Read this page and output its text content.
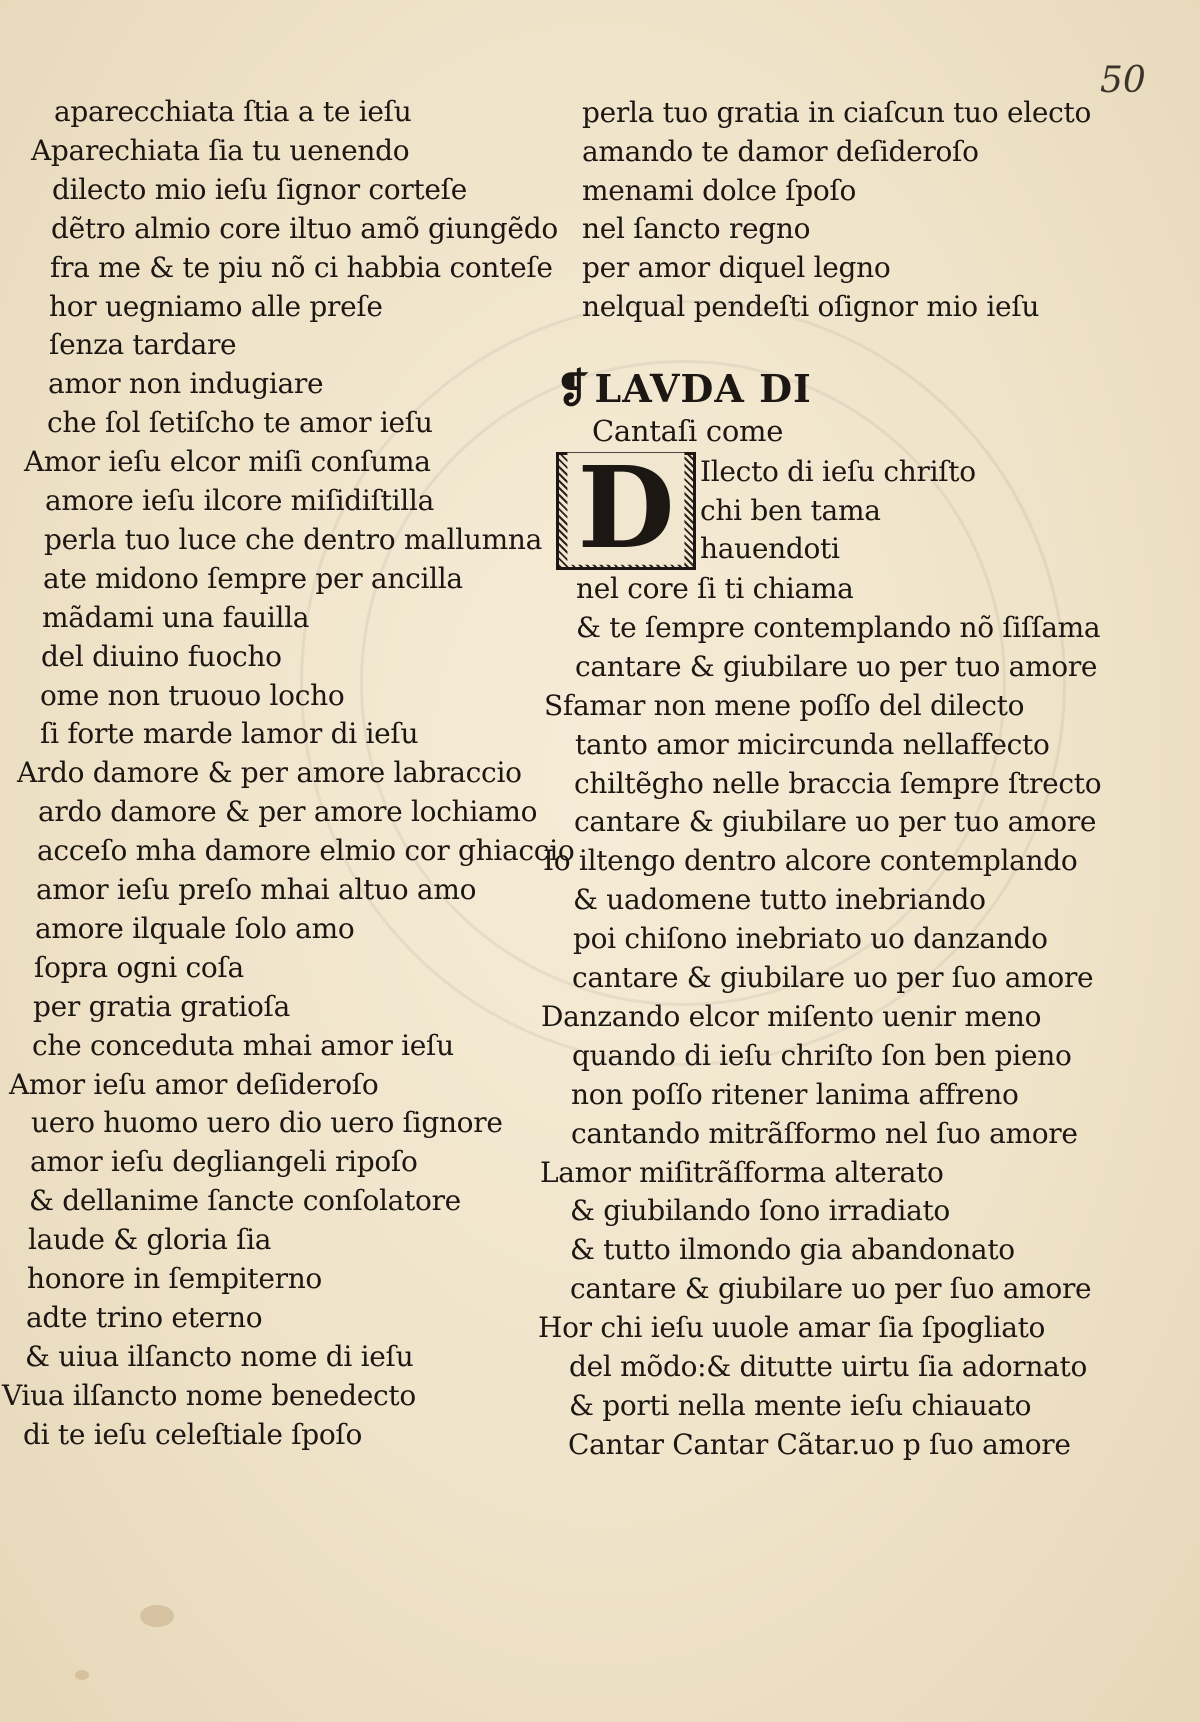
50
aparecchiata ſtia a te ieſu
Aparechiata ſia tu uenendo
dilecto mio ieſu ſignor corteſe
dẽtro almio core iltuo amõ giungẽdo
fra me & te piu nõ ci habbia conteſe
hor uegniamo alle preſe
ſenza tardare
amor non indugiare
che ſol ſetiſcho te amor ieſu
Amor ieſu elcor miſi conſuma
amore ieſu ilcore miſidiſtilla
perla tuo luce che dentro mallumna
ate midono ſempre per ancilla
mãdami una fauilla
del diuino fuocho
ome non truouo locho
ſi forte marde lamor di ieſu
Ardo damore & per amore labraccio
ardo damore & per amore lochiamo
acceſo mha damore elmio cor ghiaccio
amor ieſu preſo mhai altuo amo
amore ilquale ſolo amo
ſopra ogni coſa
per gratia gratioſa
che conceduta mhai amor ieſu
Amor ieſu amor deſideroſo
uero huomo uero dio uero ſignore
amor ieſu degliangeli ripoſo
& dellanime ſancte conſolatore
laude & gloria ſia
honore in ſempiterno
adte trino eterno
& uiua ilſancto nome di ieſu
Viua ilſancto nome benedecto
di te ieſu celeſtiale ſpoſo
perla tuo gratia in ciaſcun tuo electo
amando te damor deſideroſo
menami dolce ſpoſo
nel ſancto regno
per amor diquel legno
nelqual pendeſti oſignor mio ieſu
❡ LAVDA DI
Cantaſi come
D Ilecto di ieſu chriſto
chi ben tama
hauendoti
nel core ſi ti chiama
& te ſempre contemplando nõ ſiſſama
cantare & giubilare uo per tuo amore
Sfamar non mene poſſo del dilecto
tanto amor micircunda nellaffecto
chiltẽgho nelle braccia ſempre ſtrecto
cantare & giubilare uo per tuo amore
Io iltengo dentro alcore contemplando
& uadomene tutto inebriando
poi chiſono inebriato uo danzando
cantare & giubilare uo per ſuo amore
Danzando elcor miſento uenir meno
quando di ieſu chriſto ſon ben pieno
non poſſo ritener lanima affreno
cantando mitrãſformo nel ſuo amore
Lamor miſitrãſforma alterato
& giubilando ſono irradiato
& tutto ilmondo gia abandonato
cantare & giubilare uo per ſuo amore
Hor chi ieſu uuole amar ſia ſpogliato
del mõdo:& ditutte uirtu ſia adornato
& porti nella mente ieſu chiauato
Cantar Cantar Cãtar.uo p ſuo amore
